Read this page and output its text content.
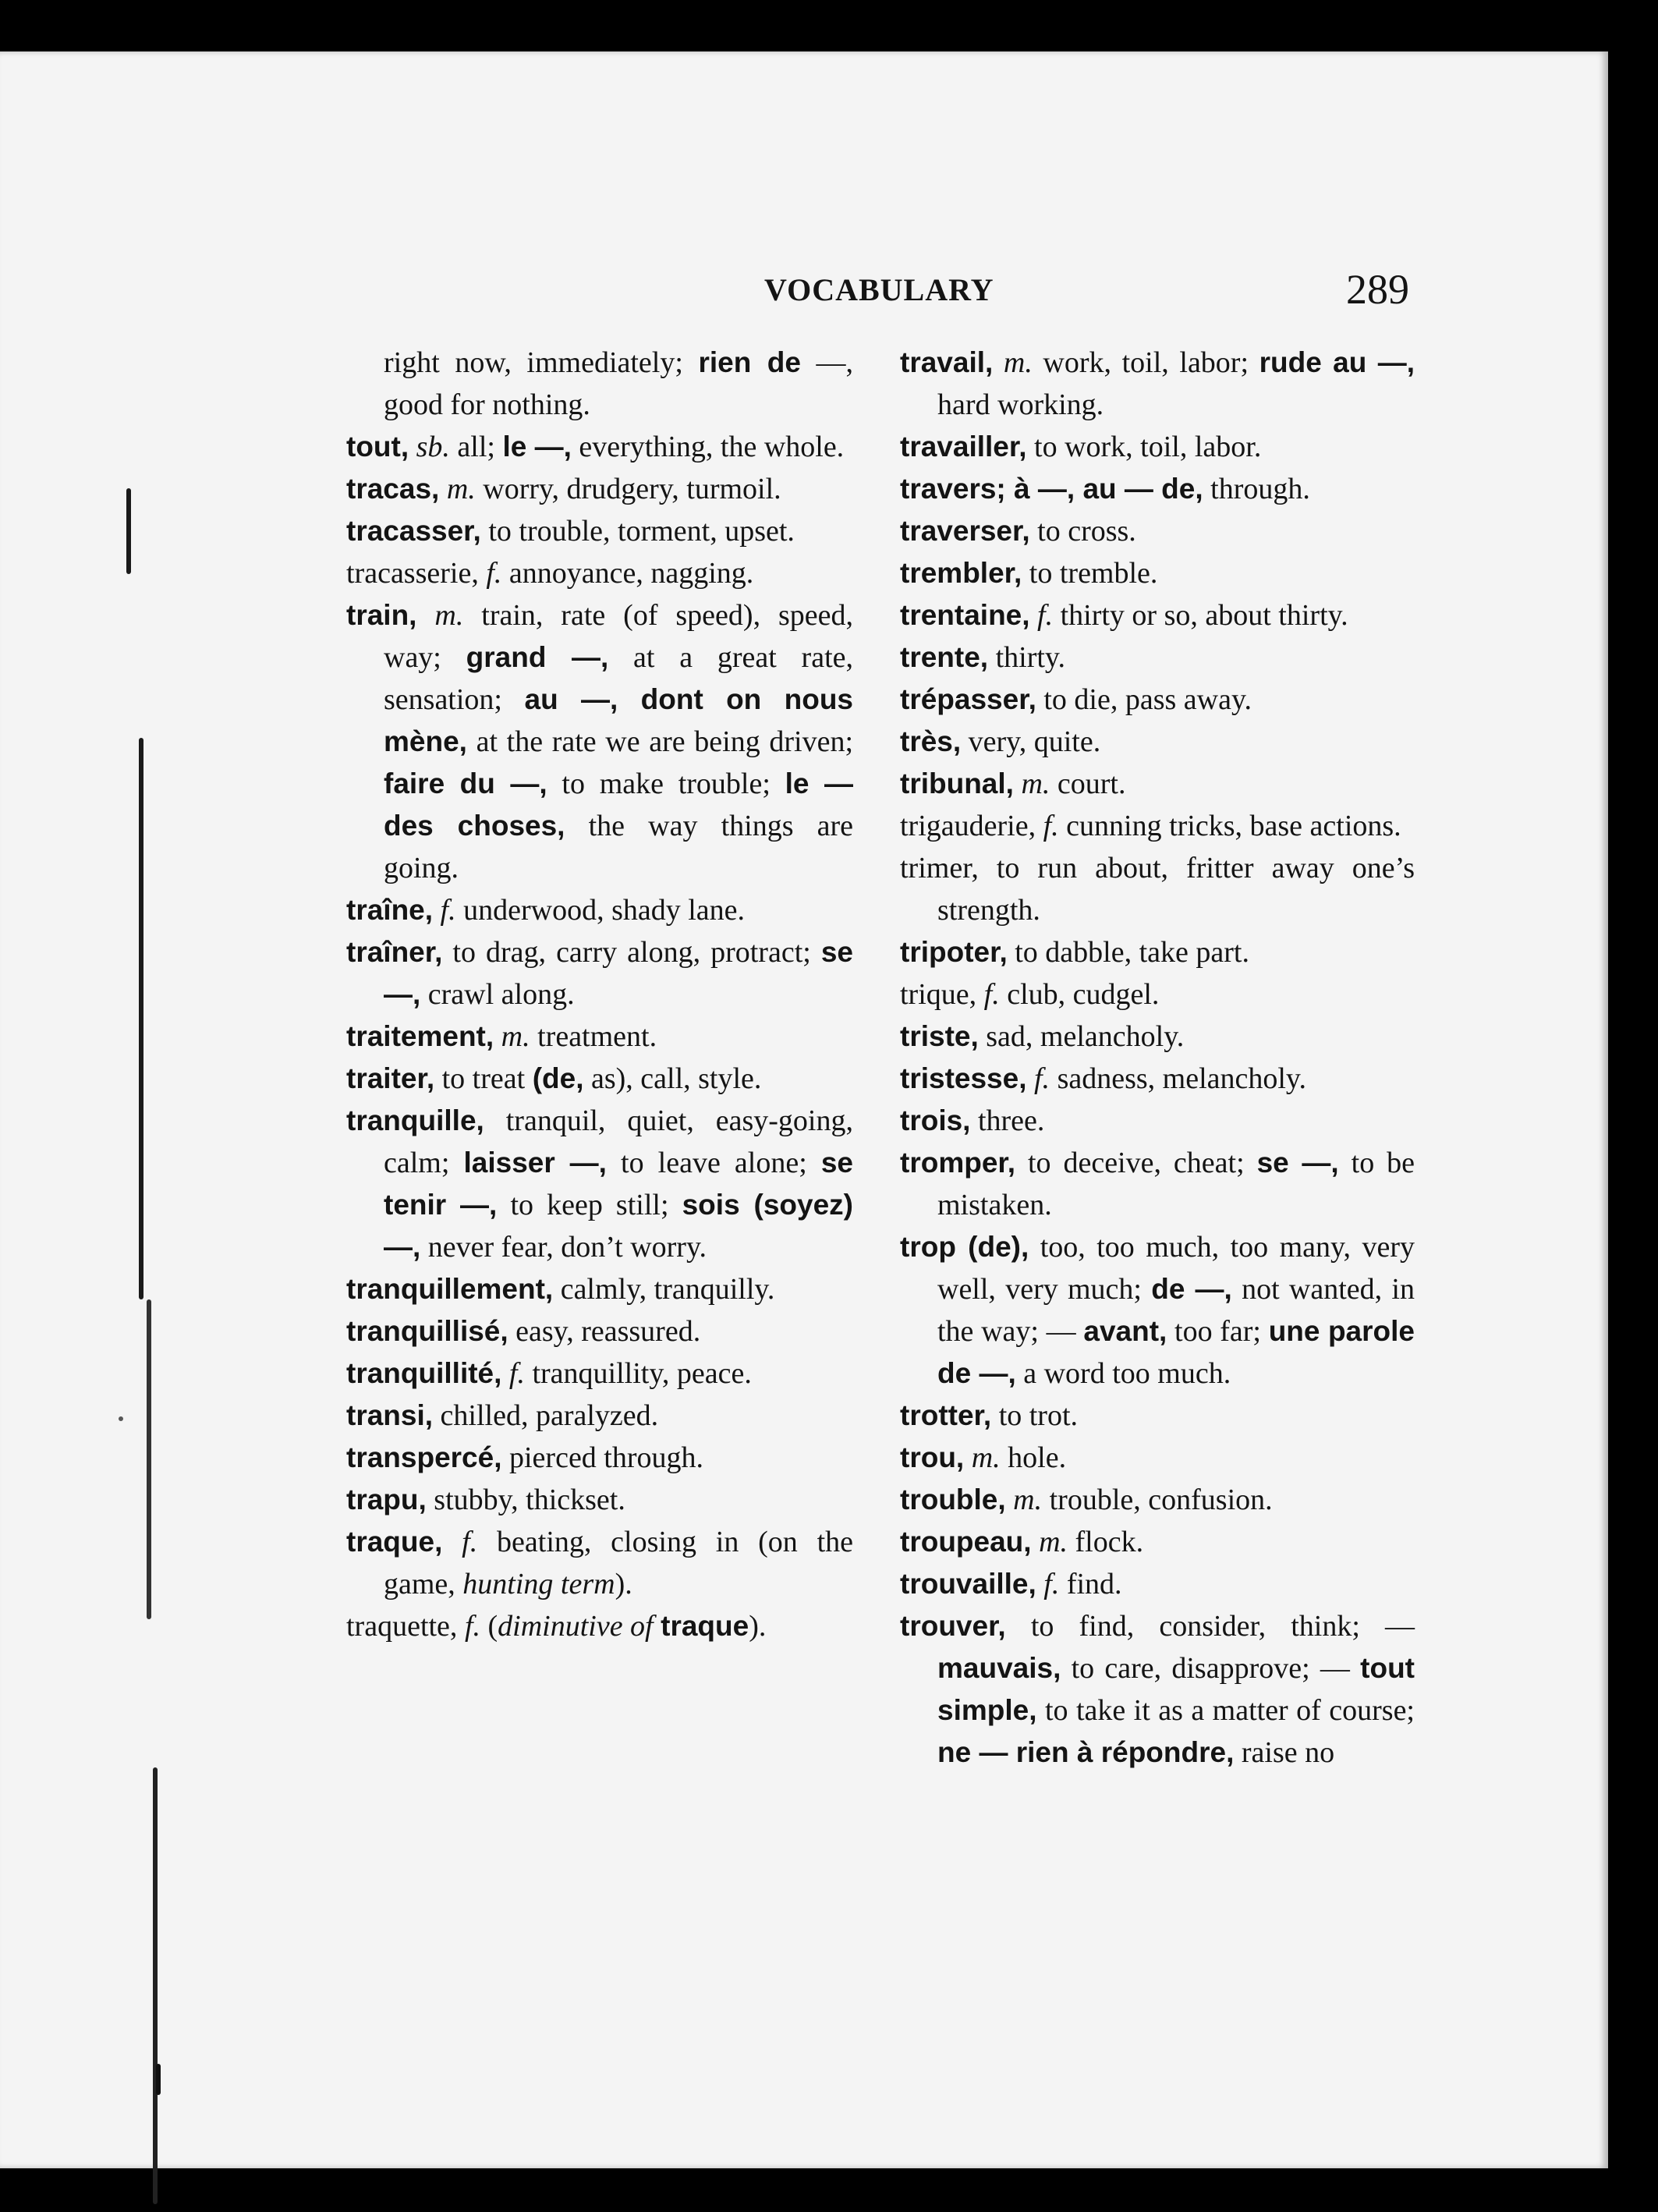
VOCABULARY	289

right now, immediately; rien de —, good for nothing.

tout, sb. all; le —, everything, the whole.

tracas, m. worry, drudgery, turmoil.

tracasser, to trouble, torment, upset.

tracasserie, f. annoyance, nagging.

train, m. train, rate (of speed), speed, way; grand —, at a great rate, sensation; au —, dont on nous mène, at the rate we are being driven; faire du —, to make trouble; le — des choses, the way things are going.

traîne, f. underwood, shady lane.

traîner, to drag, carry along, protract; se —, crawl along.

traitement, m. treatment.

traiter, to treat (de, as), call, style.

tranquille, tranquil, quiet, easy-going, calm; laisser —, to leave alone; se tenir —, to keep still; sois (soyez) —, never fear, don’t worry.

tranquillement, calmly, tranquilly.

tranquillisé, easy, reassured.

tranquillité, f. tranquillity, peace.

transi, chilled, paralyzed.

transpercé, pierced through.

trapu, stubby, thickset.

traque, f. beating, closing in (on the game, hunting term).

traquette, f. (diminutive of traque).

travail, m. work, toil, labor; rude au —, hard working.

travailler, to work, toil, labor.

travers; à —, au — de, through.

traverser, to cross.

trembler, to tremble.

trentaine, f. thirty or so, about thirty.

trente, thirty.

trépasser, to die, pass away.

très, very, quite.

tribunal, m. court.

trigauderie, f. cunning tricks, base actions.

trimer, to run about, fritter away one’s strength.

tripoter, to dabble, take part.

trique, f. club, cudgel.

triste, sad, melancholy.

tristesse, f. sadness, melancholy.

trois, three.

tromper, to deceive, cheat; se —, to be mistaken.

trop (de), too, too much, too many, very well, very much; de —, not wanted, in the way; — avant, too far; une parole de —, a word too much.

trotter, to trot.

trou, m. hole.

trouble, m. trouble, confusion.

troupeau, m. flock.

trouvaille, f. find.

trouver, to find, consider, think; — mauvais, to care, disapprove; — tout simple, to take it as a matter of course; ne — rien à répondre, raise no
